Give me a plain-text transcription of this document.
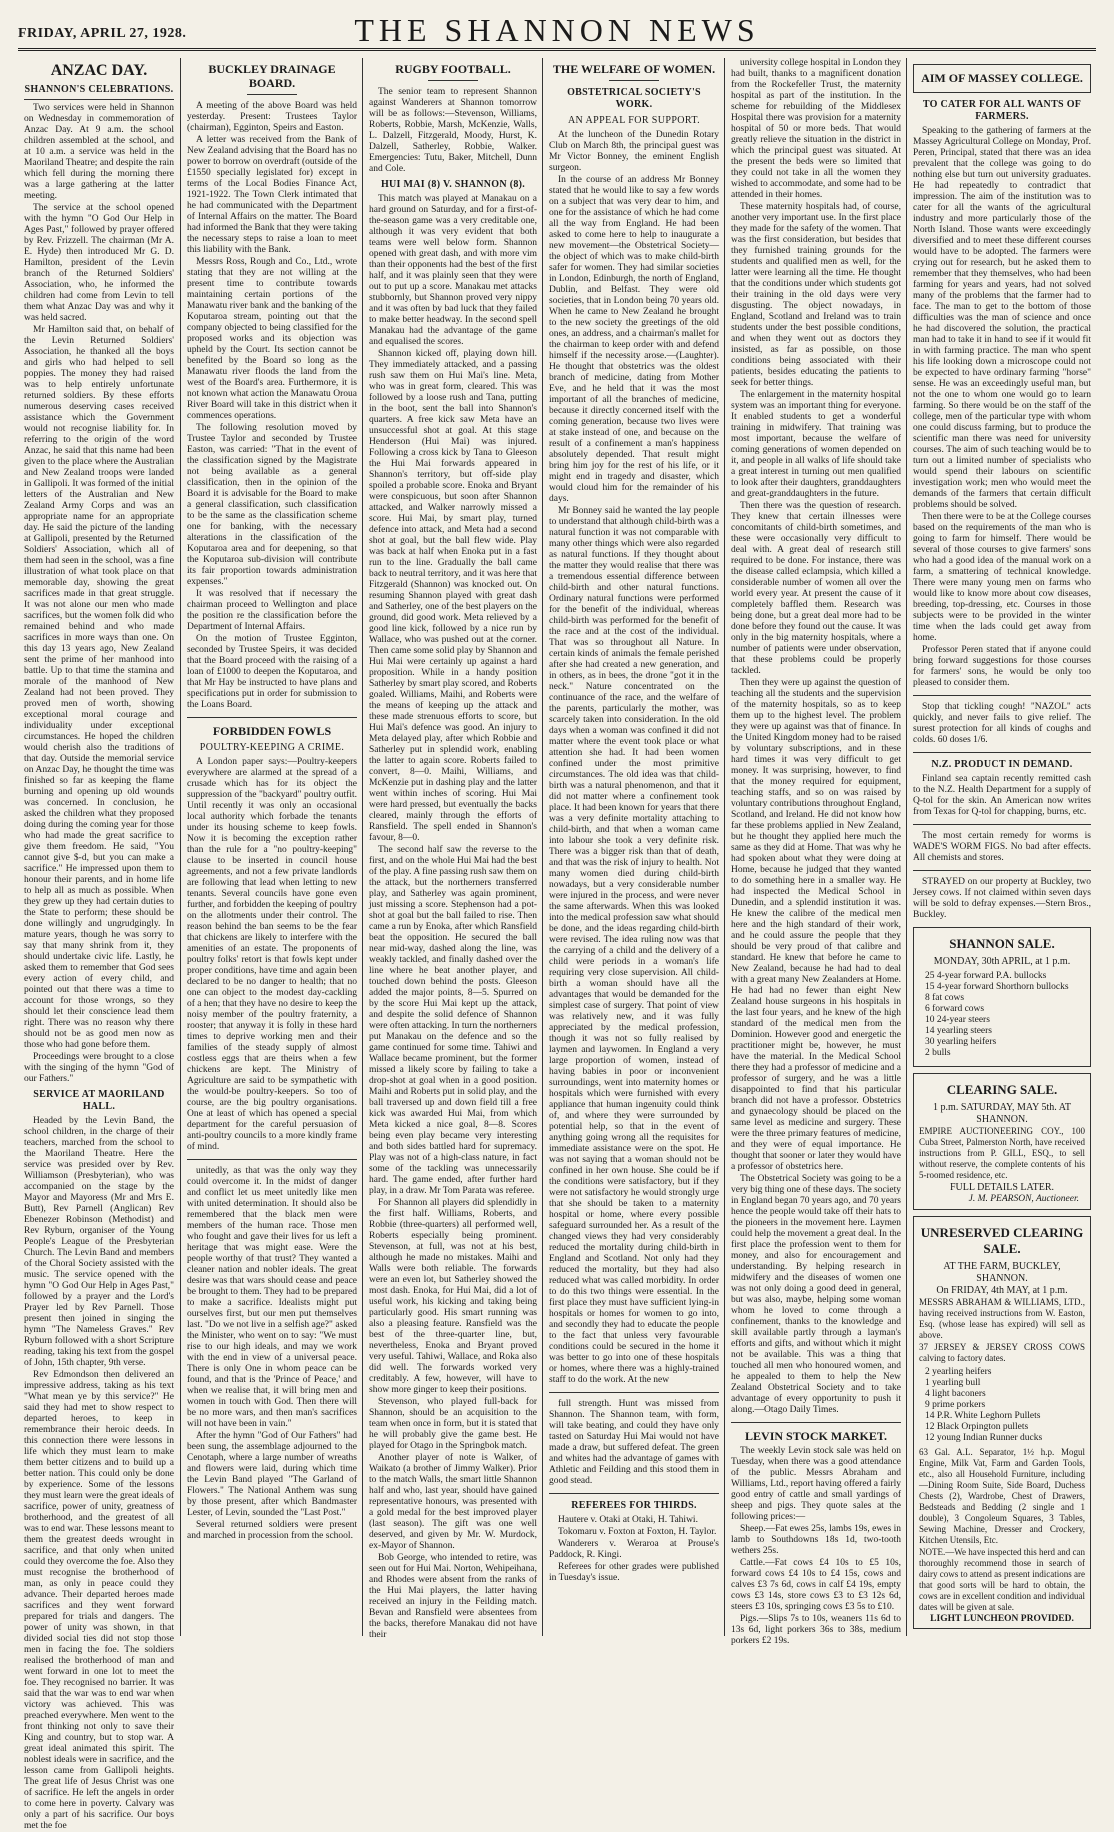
FRIDAY, APRIL 27, 1928.	THE SHANNON NEWS
ANZAC DAY.
SHANNON'S CELEBRATIONS.

Two services were held in Shannon on Wednesday in commemoration of Anzac Day. At 9 a.m. the school children assembled at the school, and at 10 a.m. a service was held in the Maoriland Theatre; and despite the rain which fell during the morning there was a large gathering at the latter meeting.

The service at the school opened with the hymn "O God Our Help in Ages Past," followed by prayer offered by Rev. Frizzell. The chairman (Mr A. E. Hyde) then introduced Mr G. D. Hamilton, president of the Levin branch of the Returned Soldiers' Association, who, he informed the children had come from Levin to tell them what Anzac Day was and why it was held sacred.

Mr Hamilton said that, on behalf of the Levin Returned Soldiers' Association, he thanked all the boys and girls who had helped to sell poppies. The money they had raised was to help entirely unfortunate returned soldiers. By these efforts numerous deserving cases received assistance which the Government would not recognise liability for. In referring to the origin of the word Anzac, he said that this name had been given to the place where the Australian and New Zealand troops were landed in Gallipoli. It was formed of the initial letters of the Australian and New Zealand Army Corps and was an appropriate name for an appropriate day. He said the picture of the landing at Gallipoli, presented by the Returned Soldiers' Association, which all of them had seen in the school, was a fine illustration of what took place on that memorable day, showing the great sacrifices made in that great struggle. It was not alone our men who made sacrifices, but the women folk did who remained behind and who made sacrifices in more ways than one. On this day 13 years ago, New Zealand sent the prime of her manhood into battle. Up to that time the stamina and morale of the manhood of New Zealand had not been proved. They proved men of worth, showing exceptional moral courage and individuality under exceptional circumstances. He hoped the children would cherish also the traditions of that day. Outside the memorial service on Anzac Day, he thought the time was finished so far as keeping the flame burning and opening up old wounds was concerned. In conclusion, he asked the children what they proposed doing during the coming year for those who had made the great sacrifice to give them freedom. He said, "You cannot give $-d, but you can make a sacrifice." He impressed upon them to honour their parents, and in home life to help all as much as possible. When they grew up they had certain duties to the State to perform; these should be done willingly and ungrudgingly. In mature years, though he was sorry to say that many shrink from it, they should undertake civic life. Lastly, he asked them to remember that God sees every action of every child, and pointed out that there was a time to account for those wrongs, so they should let their conscience lead them right. There was no reason why there should not be as good men now as those who had gone before them.

Proceedings were brought to a close with the singing of the hymn "God of our Fathers."

SERVICE AT MAORILAND HALL.

Headed by the Levin Band, the school children, in the charge of their teachers, marched from the school to the Maoriland Theatre. Here the service was presided over by Rev. Williamson (Presbyterian), who was accompanied on the stage by the Mayor and Mayoress (Mr and Mrs E. Butt), Rev Parnell (Anglican) Rev Ebenezer Robinson (Methodist) and Rev Ryburn, organiser of the Young People's League of the Presbyterian Church. The Levin Band and members of the Choral Society assisted with the music. The service opened with the hymn "O God Our Help in Ages Past," followed by a prayer and the Lord's Prayer led by Rev Parnell. Those present then joined in singing the hymn "The Nameless Graves." Rev Ryburn followed with a short Scripture reading, taking his text from the gospel of John, 15th chapter, 9th verse.

Rev Edmondson then delivered an impressive address, taking as his text "What mean ye by this service?" He said they had met to show respect to departed heroes, to keep in remembrance their heroic deeds. In this connection there were lessons in life which they must learn to make them better citizens and to build up a better nation. This could only be done by experience. Some of the lessons they must learn were the great ideals of sacrifice, power of unity, greatness of brotherhood, and the greatest of all was to end war. These lessons meant to them the greatest deeds wrought in sacrifice, and that only when united could they overcome the foe. Also they must recognise the brotherhood of man, as only in peace could they advance. Their departed heroes made sacrifices and they went forward prepared for trials and dangers. The power of unity was shown, in that divided social ties did not stop those men in facing the foe. The soldiers realised the brotherhood of man and went forward in one lot to meet the foe. They recognised no barrier. It was said that the war was to end war when victory was achieved. This was preached everywhere. Men went to the front thinking not only to save their King and country, but to stop war. A great ideal animated this spirit. The noblest ideals were in sacrifice, and the lesson came from Gallipoli heights. The great life of Jesus Christ was one of sacrifice. He left the angels in order to come here in poverty. Calvary was only a part of his sacrifice. Our boys met the foe

BUCKLEY DRAINAGE BOARD.

A meeting of the above Board was held yesterday. Present: Trustees Taylor (chairman), Egginton, Speirs and Easton.

A letter was received from the Bank of New Zealand advising that the Board has no power to borrow on overdraft (outside of the £1550 specially legislated for) except in terms of the Local Bodies Finance Act, 1921-1922. The Town Clerk intimated that he had communicated with the Department of Internal Affairs on the matter. The Board had informed the Bank that they were taking the necessary steps to raise a loan to meet this liability with the Bank.

Messrs Ross, Rough and Co., Ltd., wrote stating that they are not willing at the present time to contribute towards maintaining certain portions of the Manawatu river bank and the banking of the Koputaroa stream, pointing out that the company objected to being classified for the proposed works and its objection was upheld by the Court. Its section cannot be benefited by the Board so long as the Manawatu river floods the land from the west of the Board's area. Furthermore, it is not known what action the Manawatu Oroua River Board will take in this district when it commences operations.

The following resolution moved by Trustee Taylor and seconded by Trustee Easton, was carried: "That in the event of the classification signed by the Magistrate not being available as a general classification, then in the opinion of the Board it is advisable for the Board to make a general classification, such classification to be the same as the classification scheme one for banking, with the necessary alterations in the classification of the Koputaroa area and for deepening, so that the Koputaroa sub-division will contribute its fair proportion towards administration expenses."

It was resolved that if necessary the chairman proceed to Wellington and place the position re the classification before the Department of Internal Affairs.

On the motion of Trustee Egginton, seconded by Trustee Speirs, it was decided that the Board proceed with the raising of a loan of £1000 to deepen the Koputaroa, and that Mr Hay be instructed to have plans and specifications put in order for submission to the Loans Board.

FORBIDDEN FOWLS
POULTRY-KEEPING A CRIME.

A London paper says:—Poultry-keepers everywhere are alarmed at the spread of a crusade which has for its object the suppression of the "backyard" poultry outfit. Until recently it was only an occasional local authority which forbade the tenants under its housing scheme to keep fowls. Now it is becoming the exception rather than the rule for a "no poultry-keeping" clause to be inserted in council house agreements, and not a few private landlords are following that lead when letting to new tenants. Several councils have gone even further, and forbidden the keeping of poultry on the allotments under their control. The reason behind the ban seems to be the fear that chickens are likely to interfere with the amenities of an estate. The proponents of poultry folks' retort is that fowls kept under proper conditions, have time and again been declared to be no danger to health; that no one can object to the modest day-cackling of a hen; that they have no desire to keep the noisy member of the poultry fraternity, a rooster; that anyway it is folly in these hard times to deprive working men and their families of the steady supply of almost costless eggs that are theirs when a few chickens are kept. The Ministry of Agriculture are said to be sympathetic with the would-be poultry-keepers. So too of course, are the big poultry organisations. One at least of which has opened a special department for the careful persuasion of anti-poultry councils to a more kindly frame of mind.

unitedly, as that was the only way they could overcome it. In the midst of danger and conflict let us meet unitedly like men with united determination. It should also be remembered that the black men were members of the human race. Those men who fought and gave their lives for us left a heritage that was might ease. Were the people worthy of that trust? They wanted a cleaner nation and nobler ideals. The great desire was that wars should cease and peace be brought to them. They had to be prepared to make a sacrifice. Idealists might put ourselves first, but our men put themselves last. "Do we not live in a selfish age?" asked the Minister, who went on to say: "We must rise to our high ideals, and may we work with the end in view of a universal peace. There is only One in whom peace can be found, and that is the 'Prince of Peace,' and when we realise that, it will bring men and women in touch with God. Then there will be no more wars, and then man's sacrifices will not have been in vain."

After the hymn "God of Our Fathers" had been sung, the assemblage adjourned to the Cenotaph, where a large number of wreaths and flowers were laid, during which time the Levin Band played "The Garland of Flowers." The National Anthem was sung by those present, after which Bandmaster Lester, of Levin, sounded the "Last Post."

Several returned soldiers were present and marched in procession from the school.

RUGBY FOOTBALL.

The senior team to represent Shannon against Wanderers at Shannon tomorrow will be as follows:—Stevenson, Williams, Roberts, Robbie, Marsh, McKenzie, Walls, L. Dalzell, Fitzgerald, Moody, Hurst, K. Dalzell, Satherley, Robbie, Walker. Emergencies: Tutu, Baker, Mitchell, Dunn and Cole.

HUI MAI (8) V. SHANNON (8).

This match was played at Manakau on a hard ground on Saturday, and for a first-of-the-season game was a very creditable one, although it was very evident that both teams were well below form. Shannon opened with great dash, and with more vim than their opponents had the best of the first half, and it was plainly seen that they were out to put up a score. Manakau met attacks stubbornly, but Shannon proved very nippy and it was often by bad luck that they failed to make better headway. In the second spell Manakau had the advantage of the game and equalised the scores.

Shannon kicked off, playing down hill. They immediately attacked, and a passing rush saw them on Hui Mai's line. Meta, who was in great form, cleared. This was followed by a loose rush and Tana, putting in the boot, sent the ball into Shannon's quarters. A free kick saw Meta have an unsuccessful shot at goal. At this stage Henderson (Hui Mai) was injured. Following a cross kick by Tana to Gleeson the Hui Mai forwards appeared in Shannon's territory, but off-side play spoiled a probable score. Enoka and Bryant were conspicuous, but soon after Shannon attacked, and Walker narrowly missed a score. Hui Mai, by smart play, turned defence into attack, and Meta had a second shot at goal, but the ball flew wide. Play was back at half when Enoka put in a fast run to the line. Gradually the ball came back to neutral territory, and it was here that Fitzgerald (Shannon) was knocked out. On resuming Shannon played with great dash and Satherley, one of the best players on the ground, did good work. Meta relieved by a good line kick, followed by a nice run by Wallace, who was pushed out at the corner. Then came some solid play by Shannon and Hui Mai were certainly up against a hard proposition. While in a handy position Satherley by smart play scored, and Roberts goaled. Williams, Maihi, and Roberts were the means of keeping up the attack and these made strenuous efforts to score, but Hui Mai's defence was good. An injury to Meta delayed play, after which Robbie and Satherley put in splendid work, enabling the latter to again score. Roberts failed to convert, 8—0. Maihi, Williams, and McKenzie put in dashing play and the latter went within inches of scoring. Hui Mai were hard pressed, but eventually the backs cleared, mainly through the efforts of Ransfield. The spell ended in Shannon's favour, 8—0.

The second half saw the reverse to the first, and on the whole Hui Mai had the best of the play. A fine passing rush saw them on the attack, but the northerners transferred play, and Satherley was again prominent, just missing a score. Stephenson had a pot-shot at goal but the ball failed to rise. Then came a run by Enoka, after which Ransfield beat the opposition. He secured the ball near mid-way, dashed along the line, was weakly tackled, and finally dashed over the line where he beat another player, and touched down behind the posts. Gleeson added the major points, 8—5. Spurred on by the score Hui Mai kept up the attack, and despite the solid defence of Shannon were often attacking. In turn the northerners put Manakau on the defence and so the game continued for some time. Tahiwi and Wallace became prominent, but the former missed a likely score by failing to take a drop-shot at goal when in a good position. Maihi and Roberts put in solid play, and the ball traversed up and down field till a free kick was awarded Hui Mai, from which Meta kicked a nice goal, 8—8. Scores being even play became very interesting and both sides battled hard for supremacy. Play was not of a high-class nature, in fact some of the tackling was unnecessarily hard. The game ended, after further hard play, in a draw. Mr Tom Parata was referee.

For Shannon all players did splendidly in the first half. Williams, Roberts, and Robbie (three-quarters) all performed well, Roberts especially being prominent. Stevenson, at full, was not at his best, although he made no mistakes. Maihi and Walls were both reliable. The forwards were an even lot, but Satherley showed the most dash. Enoka, for Hui Mai, did a lot of useful work, his kicking and taking being particularly good. His smart running was also a pleasing feature. Ransfield was the best of the three-quarter line, but, nevertheless, Enoka and Bryant proved very useful. Tahiwi, Wallace, and Roka also did well. The forwards worked very creditably. A few, however, will have to show more ginger to keep their positions.

Stevenson, who played full-back for Shannon, should be an acquisition to the team when once in form, but it is stated that he will probably give the game best. He played for Otago in the Springbok match.

Another player of note is Walker, of Waikato (a brother of Jimmy Walker). Prior to the match Walls, the smart little Shannon half and who, last year, should have gained representative honours, was presented with a gold medal for the best improved player (last season). The gift was one well deserved, and given by Mr. W. Murdock, ex-Mayor of Shannon.

Bob George, who intended to retire, was seen out for Hui Mai. Norton, Wehipeihana, and Rhodes were absent from the ranks of the Hui Mai players, the latter having received an injury in the Feilding match. Bevan and Ransfield were absentees from the backs, therefore Manakau did not have their

THE WELFARE OF WOMEN.
OBSTETRICAL SOCIETY'S WORK.
AN APPEAL FOR SUPPORT.

At the luncheon of the Dunedin Rotary Club on March 8th, the principal guest was Mr Victor Bonney, the eminent English surgeon.

In the course of an address Mr Bonney stated that he would like to say a few words on a subject that was very dear to him, and one for the assistance of which he had come all the way from England. He had been asked to come here to help to inaugurate a new movement—the Obstetrical Society—the object of which was to make child-birth safer for women. They had similar societies in London, Edinburgh, the north of England, Dublin, and Belfast. They were old societies, that in London being 70 years old. When he came to New Zealand he brought to the new society the greetings of the old ones, an address, and a chairman's mallet for the chairman to keep order with and defend himself if the necessity arose.—(Laughter). He thought that obstetrics was the oldest branch of medicine, dating from Mother Eve, and he held that it was the most important of all the branches of medicine, because it directly concerned itself with the coming generation, because two lives were at stake instead of one, and because on the result of a confinement a man's happiness absolutely depended. That result might bring him joy for the rest of his life, or it might end in tragedy and disaster, which would cloud him for the remainder of his days.

Mr Bonney said he wanted the lay people to understand that although child-birth was a natural function it was not comparable with many other things which were also regarded as natural functions. If they thought about the matter they would realise that there was a tremendous essential difference between child-birth and other natural functions. Ordinary natural functions were performed for the benefit of the individual, whereas child-birth was performed for the benefit of the race and at the cost of the individual. That was so throughout all Nature. In certain kinds of animals the female perished after she had created a new generation, and in others, as in bees, the drone "got it in the neck." Nature concentrated on the continuance of the race, and the welfare of the parents, particularly the mother, was scarcely taken into consideration. In the old days when a woman was confined it did not matter where the event took place or what attention she had. It had been women confined under the most primitive circumstances. The old idea was that child-birth was a natural phenomenon, and that it did not matter where a confinement took place. It had been known for years that there was a very definite mortality attaching to child-birth, and that when a woman came into labour she took a very definite risk. There was a bigger risk than that of death, and that was the risk of injury to health. Not many women died during child-birth nowadays, but a very considerable number were injured in the process, and were never the same afterwards. When this was looked into the medical profession saw what should be done, and the ideas regarding child-birth were revised. The idea ruling now was that the carrying of a child and the delivery of a child were periods in a woman's life requiring very close supervision. All child-birth a woman should have all the advantages that would be demanded for the simplest case of surgery. That point of view was relatively new, and it was fully appreciated by the medical profession, though it was not so fully realised by laymen and laywomen. In England a very large proportion of women, instead of having babies in poor or inconvenient surroundings, went into maternity homes or hospitals which were furnished with every appliance that human ingenuity could think of, and where they were surrounded by potential help, so that in the event of anything going wrong all the requisites for immediate assistance were on the spot. He was not saying that a woman should not be confined in her own house. She could be if the conditions were satisfactory, but if they were not satisfactory he would strongly urge that she should be taken to a maternity hospital or home, where every possible safeguard surrounded her. As a result of the changed views they had very considerably reduced the mortality during child-birth in England and Scotland. Not only had they reduced the mortality, but they had also reduced what was called morbidity. In order to do this two things were essential. In the first place they must have sufficient lying-in hospitals or homes for women to go into, and secondly they had to educate the people to the fact that unless very favourable conditions could be secured in the home it was better to go into one of these hospitals or homes, where there was a highly-trained staff to do the work. At the new

full strength. Hunt was missed from Shannon. The Shannon team, with form, will take beating, and could they have only tasted on Saturday Hui Mai would not have made a draw, but suffered defeat. The green and whites had the advantage of games with Athletic and Feilding and this stood them in good stead.

REFEREES FOR THIRDS.

Hautere v. Otaki at Otaki, H. Tahiwi.

Tokomaru v. Foxton at Foxton, H. Taylor.

Wanderers v. Weraroa at Prouse's Paddock, R. Kingi.

Referees for other grades were published in Tuesday's issue.

university college hospital in London they had built, thanks to a magnificent donation from the Rockefeller Trust, the maternity hospital as part of the institution. In the scheme for rebuilding of the Middlesex Hospital there was provision for a maternity hospital of 50 or more beds. That would greatly relieve the situation in the district in which the principal guest was situated. At the present the beds were so limited that they could not take in all the women they wished to accommodate, and some had to be attended in their homes.

These maternity hospitals had, of course, another very important use. In the first place they made for the safety of the women. That was the first consideration, but besides that they furnished training grounds for the students and qualified men as well, for the latter were learning all the time. He thought that the conditions under which students got their training in the old days were very disgusting. The object nowadays, in England, Scotland and Ireland was to train students under the best possible conditions, and when they went out as doctors they insisted, as far as possible, on those conditions being associated with their patients, besides educating the patients to seek for better things.

The enlargement in the maternity hospital system was an important thing for everyone. It enabled students to get a wonderful training in midwifery. That training was most important, because the welfare of coming generations of women depended on it, and people in all walks of life should take a great interest in turning out men qualified to look after their daughters, granddaughters and great-granddaughters in the future.

Then there was the question of research. They knew that certain illnesses were concomitants of child-birth sometimes, and these were occasionally very difficult to deal with. A great deal of research still required to be done. For instance, there was the disease called eclampsia, which killed a considerable number of women all over the world every year. At present the cause of it completely baffled them. Research was being done, but a great deal more had to be done before they found out the cause. It was only in the big maternity hospitals, where a number of patients were under observation, that these problems could be properly tackled.

Then they were up against the question of teaching all the students and the supervision of the maternity hospitals, so as to keep them up to the highest level. The problem they were up against was that of finance. In the United Kingdom money had to be raised by voluntary subscriptions, and in these hard times it was very difficult to get money. It was surprising, however, to find that the money required for equipment, teaching staffs, and so on was raised by voluntary contributions throughout England, Scotland, and Ireland. He did not know how far these problems applied in New Zealand, but he thought they applied here much the same as they did at Home. That was why he had spoken about what they were doing at Home, because he judged that they wanted to do something here in a smaller way. He had inspected the Medical School in Dunedin, and a splendid institution it was. He knew the calibre of the medical men here and the high standard of their work, and he could assure the people that they should be very proud of that calibre and standard. He knew that before he came to New Zealand, because he had had to deal with a great many New Zealanders at Home. He had had no fewer than eight New Zealand house surgeons in his hospitals in the last four years, and he knew of the high standard of the medical men from the Dominion. However good and energetic the practitioner might be, however, he must have the material. In the Medical School there they had a professor of medicine and a professor of surgery, and he was a little disappointed to find that his particular branch did not have a professor. Obstetrics and gynaecology should be placed on the same level as medicine and surgery. These were the three primary features of medicine, and they were of equal importance. He thought that sooner or later they would have a professor of obstetrics here.

The Obstetrical Society was going to be a very big thing one of these days. The society in England began 70 years ago, and 70 years hence the people would take off their hats to the pioneers in the movement here. Laymen could help the movement a great deal. In the first place the profession went to them for money, and also for encouragement and understanding. By helping research in midwifery and the diseases of women one was not only doing a good deed in general, but was also, maybe, helping some woman whom he loved to come through a confinement, thanks to the knowledge and skill available partly through a layman's efforts and gifts, and without which it might not be available. This was a thing that touched all men who honoured women, and he appealed to them to help the New Zealand Obstetrical Society and to take advantage of every opportunity to push it along.—Otago Daily Times.

LEVIN STOCK MARKET.

The weekly Levin stock sale was held on Tuesday, when there was a good attendance of the public. Messrs Abraham and Williams, Ltd., report having offered a fairly good entry of cattle and small yardings of sheep and pigs. They quote sales at the following prices:—

Sheep.—Fat ewes 25s, lambs 19s, ewes in lamb to Southdowns 18s 1d, two-tooth wethers 25s.

Cattle.—Fat cows £4 10s to £5 10s, forward cows £4 10s to £4 15s, cows and calves £3 7s 6d, cows in calf £4 19s, empty cows £3 14s, store cows £3 to £3 12s 6d, steers £3 10s, springing cows £3 5s to £10.

Pigs.—Slips 7s to 10s, weaners 11s 6d to 13s 6d, light porkers 36s to 38s, medium porkers £2 19s.

AIM OF MASSEY COLLEGE.
TO CATER FOR ALL WANTS OF FARMERS.

Speaking to the gathering of farmers at the Massey Agricultural College on Monday, Prof. Peren, Principal, stated that there was an idea prevalent that the college was going to do nothing else but turn out university graduates. He had repeatedly to contradict that impression. The aim of the institution was to cater for all the wants of the agricultural industry and more particularly those of the North Island. Those wants were exceedingly diversified and to meet these different courses would have to be adopted. The farmers were crying out for research, but he asked them to remember that they themselves, who had been farming for years and years, had not solved many of the problems that the farmer had to face. The man to get to the bottom of those difficulties was the man of science and once he had discovered the solution, the practical man had to take it in hand to see if it would fit in with farming practice. The man who spent his life looking down a microscope could not be expected to have ordinary farming "horse" sense. He was an exceedingly useful man, but not the one to whom one would go to learn farming. So there would be on the staff of the college, men of the particular type with whom one could discuss farming, but to produce the scientific man there was need for university courses. The aim of such teaching would be to turn out a limited number of specialists who would spend their labours on scientific investigation work; men who would meet the demands of the farmers that certain difficult problems should be solved.

Then there were to be at the College courses based on the requirements of the man who is going to farm for himself. There would be several of those courses to give farmers' sons who had a good idea of the manual work on a farm, a smattering of technical knowledge. There were many young men on farms who would like to know more about cow diseases, breeding, top-dressing, etc. Courses in those subjects were to be provided in the winter time when the lads could get away from home.

Professor Peren stated that if anyone could bring forward suggestions for those courses for farmers' sons, he would be only too pleased to consider them.

Stop that tickling cough! "NAZOL" acts quickly, and never fails to give relief. The surest protection for all kinds of coughs and colds. 60 doses 1/6.

N.Z. PRODUCT IN DEMAND.

Finland sea captain recently remitted cash to the N.Z. Health Department for a supply of Q-tol for the skin. An American now writes from Texas for Q-tol for chapping, burns, etc.

The most certain remedy for worms is WADE'S WORM FIGS. No bad after effects. All chemists and stores.

STRAYED on our property at Buckley, two Jersey cows. If not claimed within seven days will be sold to defray expenses.—Stern Bros., Buckley.

SHANNON SALE.
MONDAY, 30th APRIL, at 1 p.m.
25 4-year forward P.A. bullocks
15 4-year forward Shorthorn bullocks
8 fat cows
6 forward cows
10 24-year steers
14 yearling steers
30 yearling heifers
2 bulls
CLEARING SALE.
1 p.m. SATURDAY, MAY 5th. AT SHANNON.

EMPIRE AUCTIONEERING COY., 100 Cuba Street, Palmerston North, have received instructions from P. GILL, ESQ., to sell without reserve, the complete contents of his 5-roomed residence, etc.

FULL DETAILS LATER.
J. M. PEARSON, Auctioneer.
UNRESERVED CLEARING SALE.
AT THE FARM, BUCKLEY, SHANNON.
On FRIDAY, 4th MAY, at 1 p.m.

MESSRS ABRAHAM & WILLIAMS, LTD., having received instructions from W. Easton, Esq. (whose lease has expired) will sell as above.

37 JERSEY & JERSEY CROSS COWS calving to factory dates.

2 yearling heifers
1 yearling bull
4 light baconers
9 prime porkers
14 P.R. White Leghorn Pullets
12 Black Orpington pullets
12 young Indian Runner ducks

63 Gal. A.L. Separator, 1½ h.p. Mogul Engine, Milk Vat, Farm and Garden Tools, etc., also all Household Furniture, including—Dining Room Suite, Side Board, Duchess Chests (2), Wardrobe, Chest of Drawers, Bedsteads and Bedding (2 single and 1 double), 3 Congoleum Squares, 3 Tables, Sewing Machine, Dresser and Crockery, Kitchen Utensils, Etc.

NOTE.—We have inspected this herd and can thoroughly recommend those in search of dairy cows to attend as present indications are that good sorts will be hard to obtain, the cows are in excellent condition and individual dates will be given at sale.

LIGHT LUNCHEON PROVIDED.
